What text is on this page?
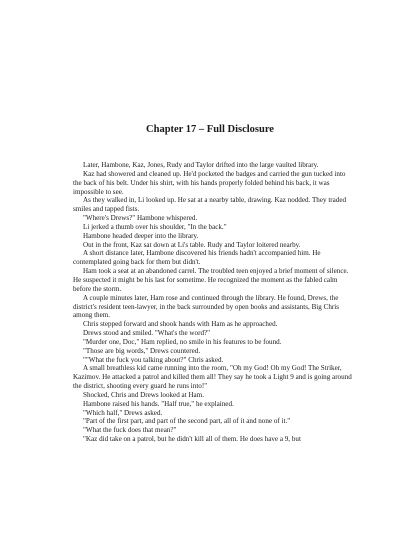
Chapter 17 – Full Disclosure

Later, Hambone, Kaz, Jones, Rudy and Taylor drifted into the large vaulted library.

Kaz had showered and cleaned up. He'd pocketed the badges and carried the gun tucked into the back of his belt. Under his shirt, with his hands properly folded behind his back, it was impossible to see.

As they walked in, Li looked up. He sat at a nearby table, drawing. Kaz nodded. They traded smiles and tapped fists.

"Where's Drews?" Hambone whispered.

Li jerked a thumb over his shoulder, "In the back."

Hambone headed deeper into the library.

Out in the front, Kaz sat down at Li's table. Rudy and Taylor loitered nearby.

A short distance later, Hambone discovered his friends hadn't accompanied him. He contemplated going back for them but didn't.

Ham took a seat at an abandoned carrel. The troubled teen enjoyed a brief moment of silence. He suspected it might be his last for sometime. He recognized the moment as the fabled calm before the storm.

A couple minutes later, Ham rose and continued through the library. He found, Drews, the district's resident teen-lawyer, in the back surrounded by open books and assistants, Big Chris among them.

Chris stepped forward and shook hands with Ham as he approached.

Drews stood and smiled. "What's the word?"

"Murder one, Doc," Ham replied, no smile in his features to be found.

"Those are big words," Drews countered.

""What the fuck you talking about?" Chris asked.

A small breathless kid came running into the room, "Oh my God! Oh my God! The Striker, Kazimov. He attacked a patrol and killed them all! They say he took a Light 9 and is going around the district, shooting every guard he runs into!"

Shocked, Chris and Drews looked at Ham.

Hambone raised his hands. "Half true," he explained.

"Which half," Drews asked.

"Part of the first part, and part of the second part, all of it and none of it."

"What the fuck does that mean?"

"Kaz did take on a patrol, but he didn't kill all of them. He does have a 9, but
